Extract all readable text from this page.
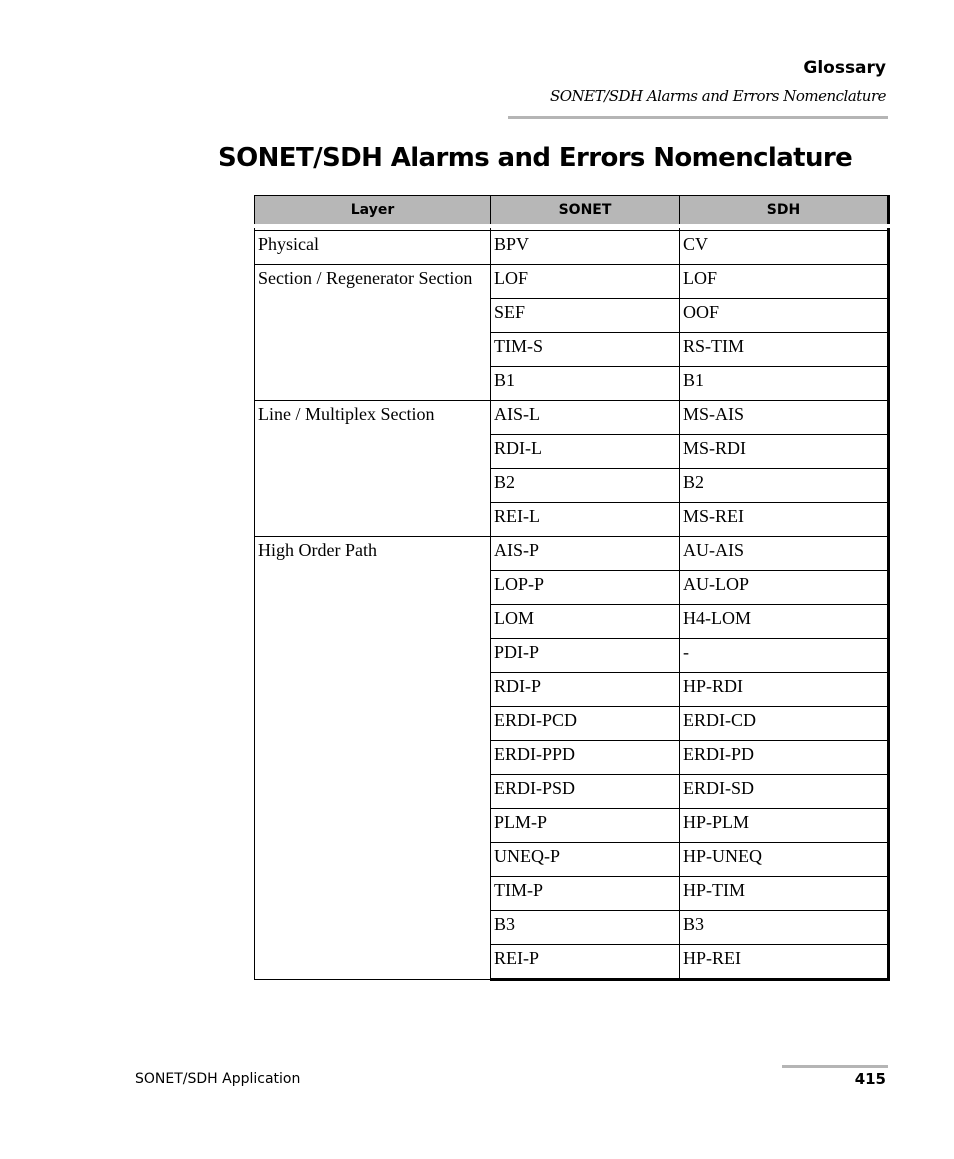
Glossary
SONET/SDH Alarms and Errors Nomenclature
SONET/SDH Alarms and Errors Nomenclature
Layer	SONET	SDH

Physical	BPV	CV
Section / Regenerator Section	LOF	LOF
	SEF	OOF
	TIM-S	RS-TIM
	B1	B1
Line / Multiplex Section	AIS-L	MS-AIS
	RDI-L	MS-RDI
	B2	B2
	REI-L	MS-REI
High Order Path	AIS-P	AU-AIS
	LOP-P	AU-LOP
	LOM	H4-LOM
	PDI-P	-
	RDI-P	HP-RDI
	ERDI-PCD	ERDI-CD
	ERDI-PPD	ERDI-PD
	ERDI-PSD	ERDI-SD
	PLM-P	HP-PLM
	UNEQ-P	HP-UNEQ
	TIM-P	HP-TIM
	B3	B3
	REI-P	HP-REI
SONET/SDH Application	415
